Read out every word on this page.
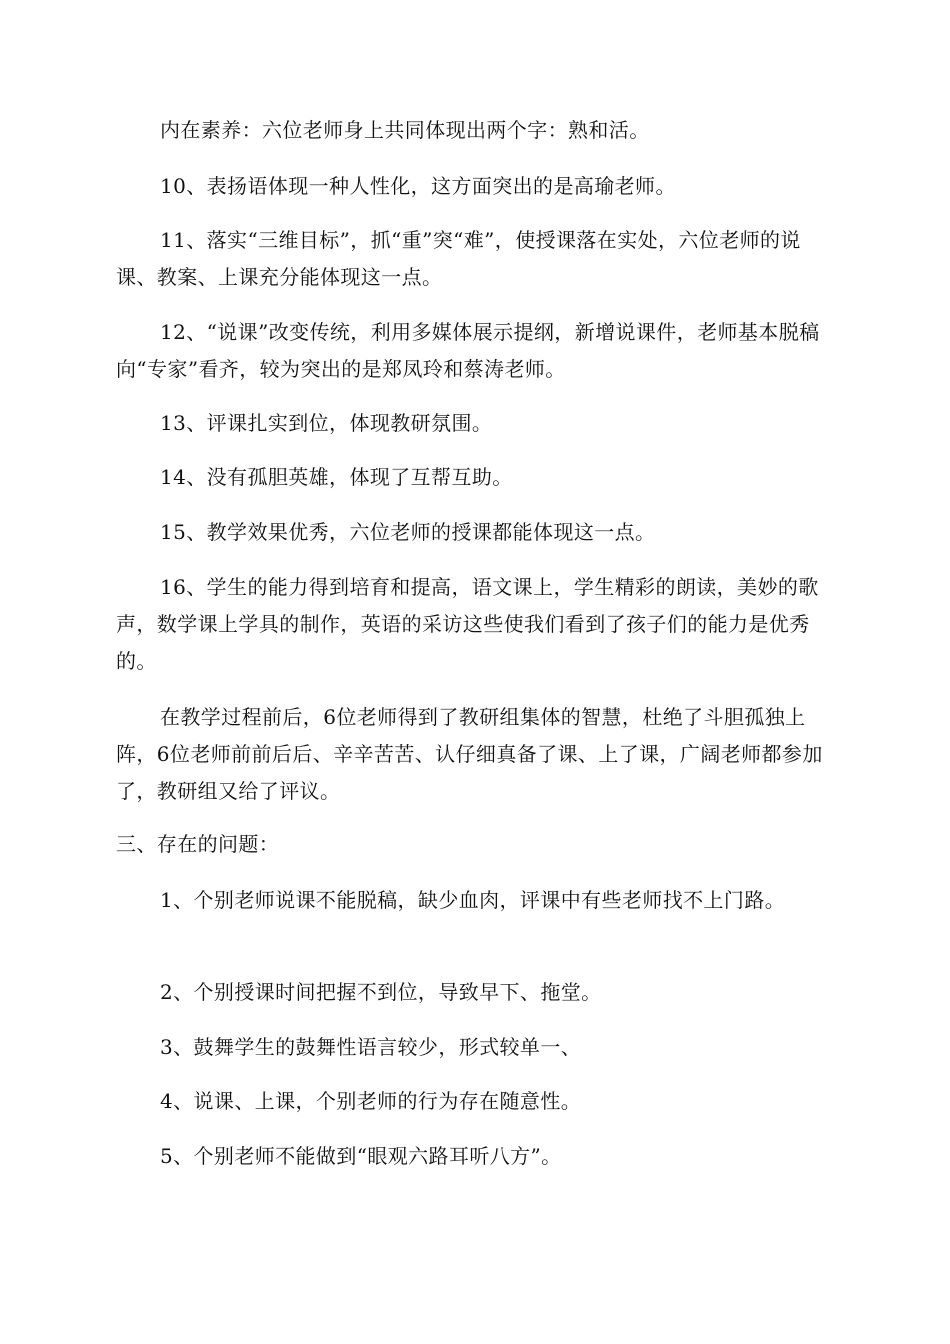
内在素养：六位老师身上共同体现出两个字：熟和活。

10、表扬语体现一种人性化，这方面突出的是高瑜老师。

11、落实“三维目标”，抓“重”突“难”，使授课落在实处，六位老师的说课、教案、上课充分能体现这一点。

12、“说课”改变传统，利用多媒体展示提纲，新增说课件，老师基本脱稿向“专家”看齐，较为突出的是郑凤玲和蔡涛老师。

13、评课扎实到位，体现教研氛围。

14、没有孤胆英雄，体现了互帮互助。

15、教学效果优秀，六位老师的授课都能体现这一点。

16、学生的能力得到培育和提高，语文课上，学生精彩的朗读，美妙的歌声，数学课上学具的制作，英语的采访这些使我们看到了孩子们的能力是优秀的。

在教学过程前后，6位老师得到了教研组集体的智慧，杜绝了斗胆孤独上阵，6位老师前前后后、辛辛苦苦、认仔细真备了课、上了课，广阔老师都参加了，教研组又给了评议。

三、存在的问题：

1、个别老师说课不能脱稿，缺少血肉，评课中有些老师找不上门路。

2、个别授课时间把握不到位，导致早下、拖堂。

3、鼓舞学生的鼓舞性语言较少，形式较单一、

4、说课、上课，个别老师的行为存在随意性。

5、个别老师不能做到“眼观六路耳听八方”。
